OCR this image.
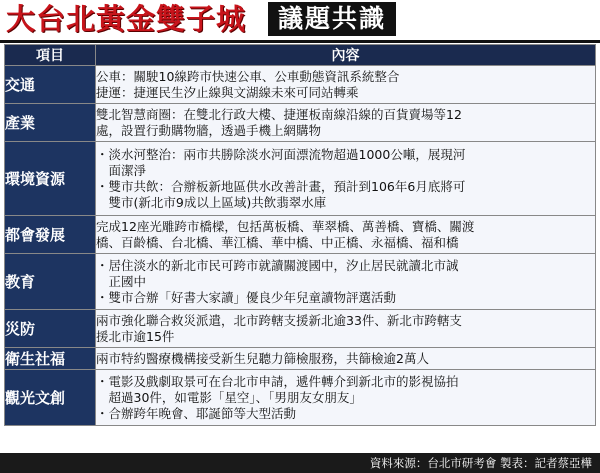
大台北黃金雙子城	議題共識
項目	內容
交通	公車：關駛10線跨市快速公車、公車動態資訊系統整合
捷運：捷運民生汐止線與文湖線未來可同站轉乘

產業	雙北智慧商圈：在雙北行政大樓、捷運板南線沿線的百貨賣場等12
處，設置行動購物牆，透過手機上網購物

環境資源	・淡水河整治：兩市共勝除淡水河面漂流物超過1000公噸，展現河
　面潔淨
・雙市共飲：合辦板新地區供水改善計畫，預計到106年6月底將可
　雙市(新北市9成以上區域)共飲翡翠水庫

都會發展	完成12座光雕跨市橋樑，包括萬板橋、華翠橋、萬善橋、寶橋、關渡
橋、百齡橋、台北橋、華江橋、華中橋、中正橋、永福橋、福和橋

教育	・居住淡水的新北市民可跨市就讀關渡國中，汐止居民就讀北市誠
　正國中
・雙市合辦「好書大家讀」優良少年兒童讀物評選活動

災防	兩市強化聯合救災派遣，北市跨轄支援新北逾33件、新北市跨轄支
援北市逾15件

衛生社福	兩市特約醫療機構接受新生兒聽力篩檢服務，共篩檢逾2萬人

觀光文創	・電影及戲劇取景可在台北市申請，遞件轉介到新北市的影視協拍
　超過30件，如電影「星空」、「男朋友女朋友」
・合辦跨年晚會、耶誕節等大型活動
資料來源：台北市研考會 製表：記者蔡亞樺
